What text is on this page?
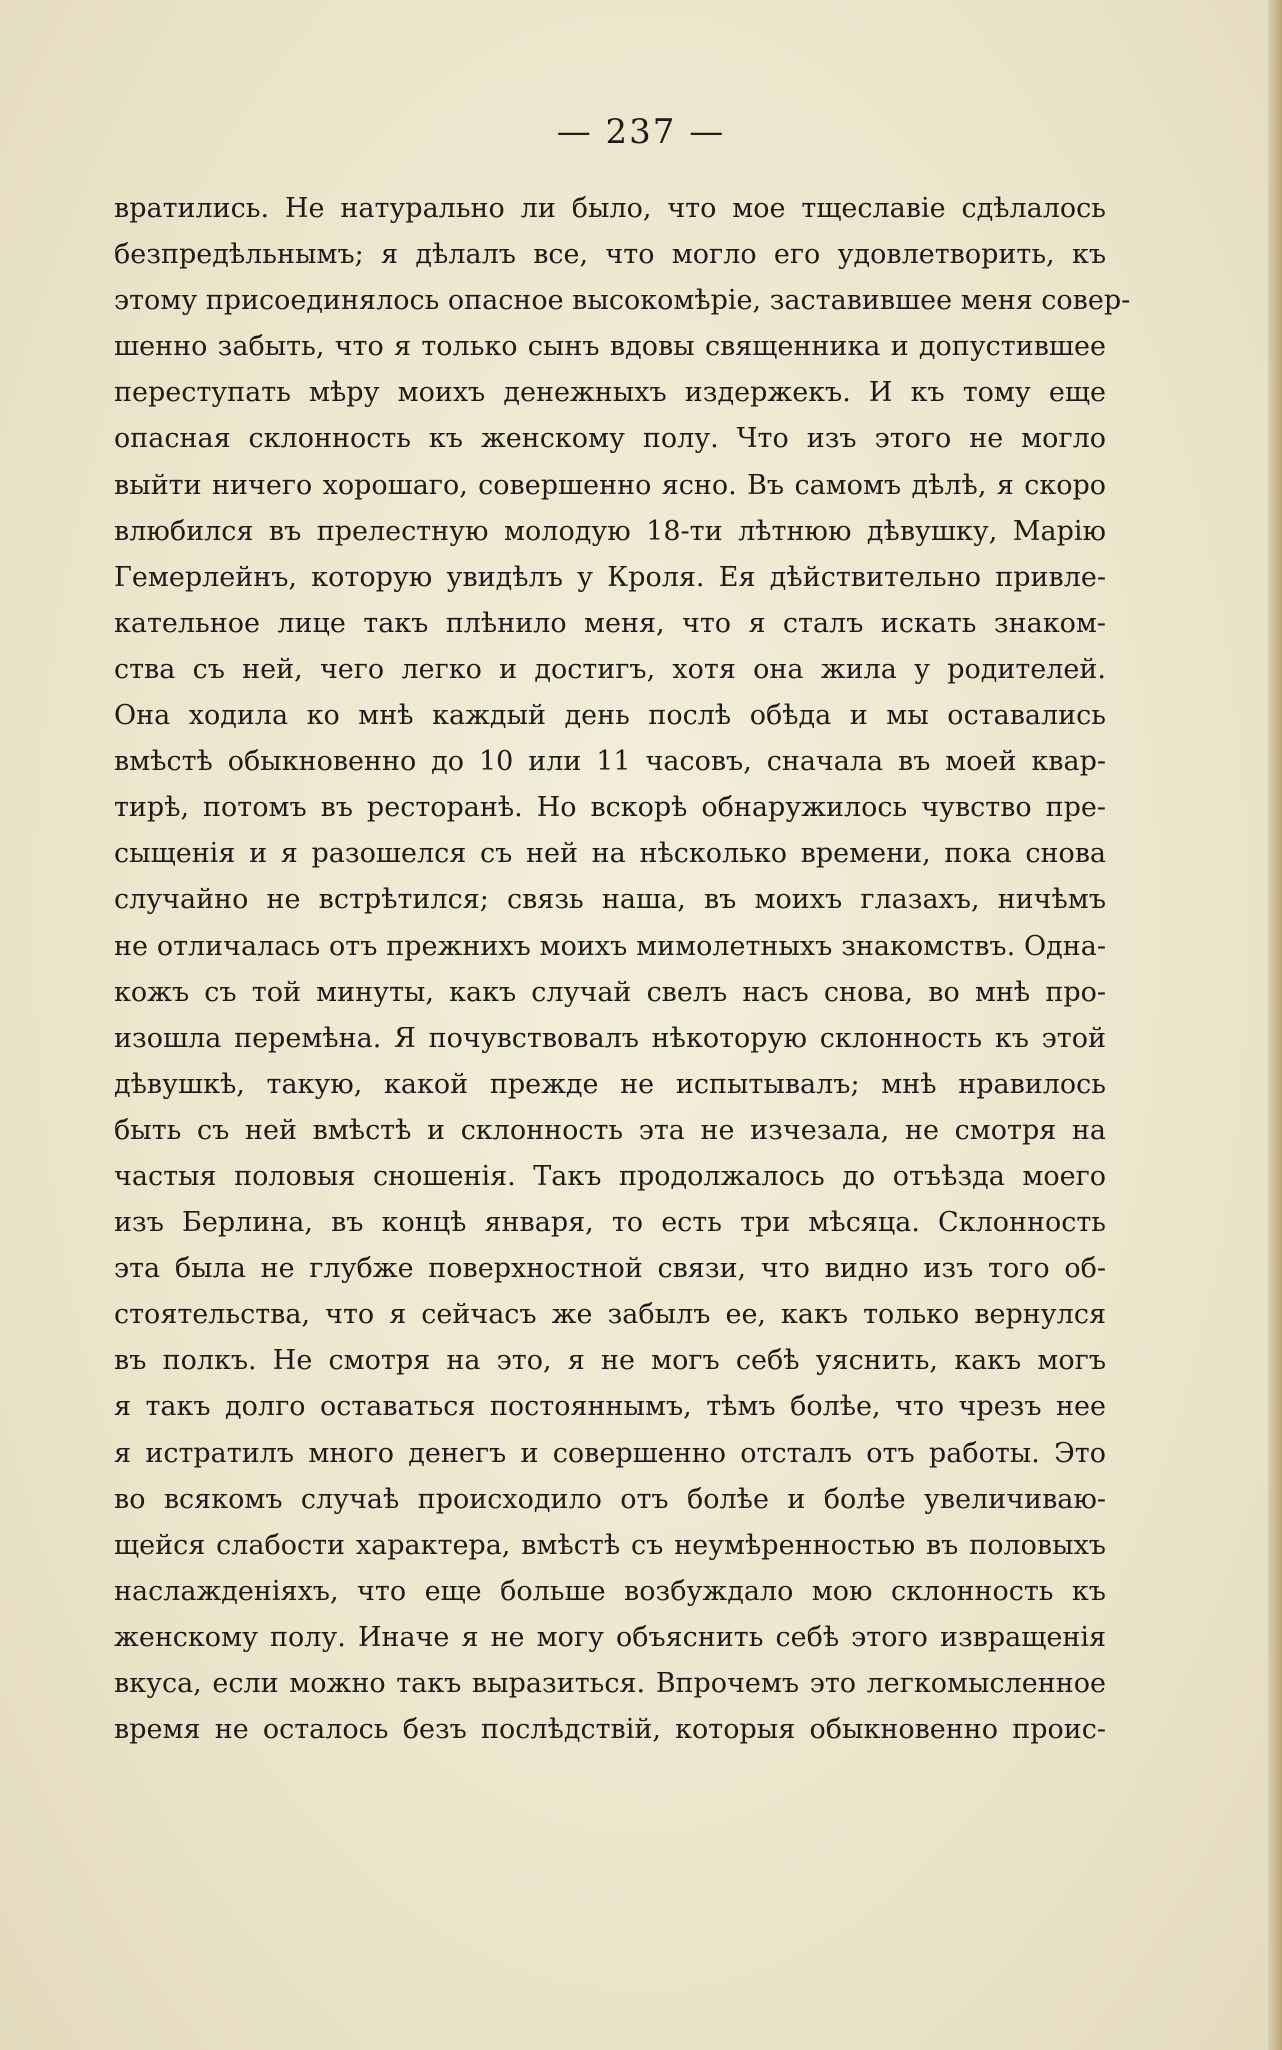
— 237 —
вратились. Не натурально ли было, что мое тщеславіе сдѣлалось
безпредѣльнымъ; я дѣлалъ все, что могло его удовлетворить, къ
этому присоединялось опасное высокомѣріе, заставившее меня совер-
шенно забыть, что я только сынъ вдовы священника и допустившее
переступать мѣру моихъ денежныхъ издержекъ. И къ тому еще
опасная склонность къ женскому полу. Что изъ этого не могло
выйти ничего хорошаго, совершенно ясно. Въ самомъ дѣлѣ, я скоро
влюбился въ прелестную молодую 18-ти лѣтнюю дѣвушку, Марію
Гемерлейнъ, которую увидѣлъ у Кроля. Ея дѣйствительно привле-
кательное лице такъ плѣнило меня, что я сталъ искать знаком-
ства съ ней, чего легко и достигъ, хотя она жила у родителей.
Она ходила ко мнѣ каждый день послѣ обѣда и мы оставались
вмѣстѣ обыкновенно до 10 или 11 часовъ, сначала въ моей квар-
тирѣ, потомъ въ ресторанѣ. Но вскорѣ обнаружилось чувство пре-
сыщенія и я разошелся съ ней на нѣсколько времени, пока снова
случайно не встрѣтился; связь наша, въ моихъ глазахъ, ничѣмъ
не отличалась отъ прежнихъ моихъ мимолетныхъ знакомствъ. Одна-
кожъ съ той минуты, какъ случай свелъ насъ снова, во мнѣ про-
изошла перемѣна. Я почувствовалъ нѣкоторую склонность къ этой
дѣвушкѣ, такую, какой прежде не испытывалъ; мнѣ нравилось
быть съ ней вмѣстѣ и склонность эта не изчезала, не смотря на
частыя половыя сношенія. Такъ продолжалось до отъѣзда моего
изъ Берлина, въ концѣ января, то есть три мѣсяца. Склонность
эта была не глубже поверхностной связи, что видно изъ того об-
стоятельства, что я сейчасъ же забылъ ее, какъ только вернулся
въ полкъ. Не смотря на это, я не могъ себѣ уяснить, какъ могъ
я такъ долго оставаться постояннымъ, тѣмъ болѣе, что чрезъ нее
я истратилъ много денегъ и совершенно отсталъ отъ работы. Это
во всякомъ случаѣ происходило отъ болѣе и болѣе увеличиваю-
щейся слабости характера, вмѣстѣ съ неумѣренностью въ половыхъ
наслажденіяхъ, что еще больше возбуждало мою склонность къ
женскому полу. Иначе я не могу объяснить себѣ этого извращенія
вкуса, если можно такъ выразиться. Впрочемъ это легкомысленное
время не осталось безъ послѣдствій, которыя обыкновенно проис-
